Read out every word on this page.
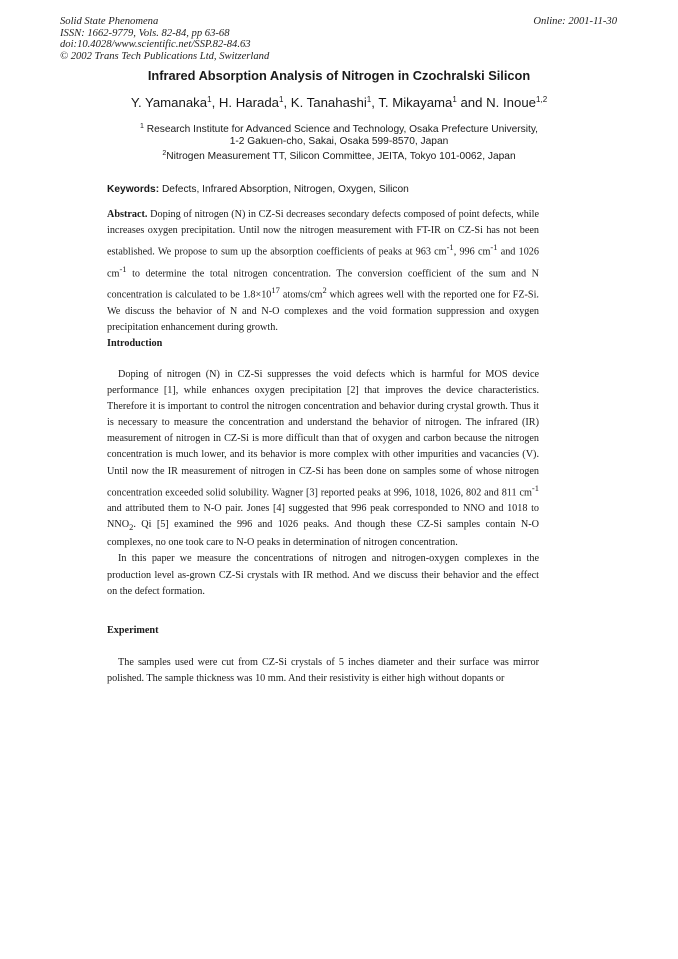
Solid State Phenomena
ISSN: 1662-9779, Vols. 82-84, pp 63-68
doi:10.4028/www.scientific.net/SSP.82-84.63
© 2002 Trans Tech Publications Ltd, Switzerland
Online: 2001-11-30
Infrared Absorption Analysis of Nitrogen in Czochralski Silicon
Y. Yamanaka$^1$, H. Harada$^1$, K. Tanahashi$^1$, T. Mikayama$^1$ and N. Inoue$^{1,2}$
$^1$ Research Institute for Advanced Science and Technology, Osaka Prefecture University,
1-2 Gakuen-cho, Sakai, Osaka 599-8570, Japan
$^2$Nitrogen Measurement TT, Silicon Committee, JEITA, Tokyo 101-0062, Japan
Keywords: Defects, Infrared Absorption, Nitrogen, Oxygen, Silicon

Abstract. Doping of nitrogen (N) in CZ-Si decreases secondary defects composed of point defects, while increases oxygen precipitation. Until now the nitrogen measurement with FT-IR on CZ-Si has not been established. We propose to sum up the absorption coefficients of peaks at 963 $cm^{-1}$, 996 $cm^{-1}$ and 1026 $cm^{-1}$ to determine the total nitrogen concentration. The conversion coefficient of the sum and N concentration is calculated to be $1.8\times 10^{17}$ atoms/$cm^2$ which agrees well with the reported one for FZ-Si. We discuss the behavior of N and N-O complexes and the void formation suppression and oxygen precipitation enhancement during growth.

Introduction

Doping of nitrogen (N) in CZ-Si suppresses the void defects which is harmful for MOS device performance [1], while enhances oxygen precipitation [2] that improves the device characteristics. Therefore it is important to control the nitrogen concentration and behavior during crystal growth. Thus it is necessary to measure the concentration and understand the behavior of nitrogen. The infrared (IR) measurement of nitrogen in CZ-Si is more difficult than that of oxygen and carbon because the nitrogen concentration is much lower, and its behavior is more complex with other impurities and vacancies (V). Until now the IR measurement of nitrogen in CZ-Si has been done on samples some of whose nitrogen concentration exceeded solid solubility. Wagner [3] reported peaks at 996, 1018, 1026, 802 and 811 $cm^{-1}$ and attributed them to N-O pair. Jones [4] suggested that 996 peak corresponded to NNO and 1018 to $NNO_2$. Qi [5] examined the 996 and 1026 peaks. And though these CZ-Si samples contain N-O complexes, no one took care to N-O peaks in determination of nitrogen concentration.

In this paper we measure the concentrations of nitrogen and nitrogen-oxygen complexes in the production level as-grown CZ-Si crystals with IR method. And we discuss their behavior and the effect on the defect formation.

Experiment

The samples used were cut from CZ-Si crystals of 5 inches diameter and their surface was mirror polished. The sample thickness was 10 mm. And their resistivity is either high without dopants or
